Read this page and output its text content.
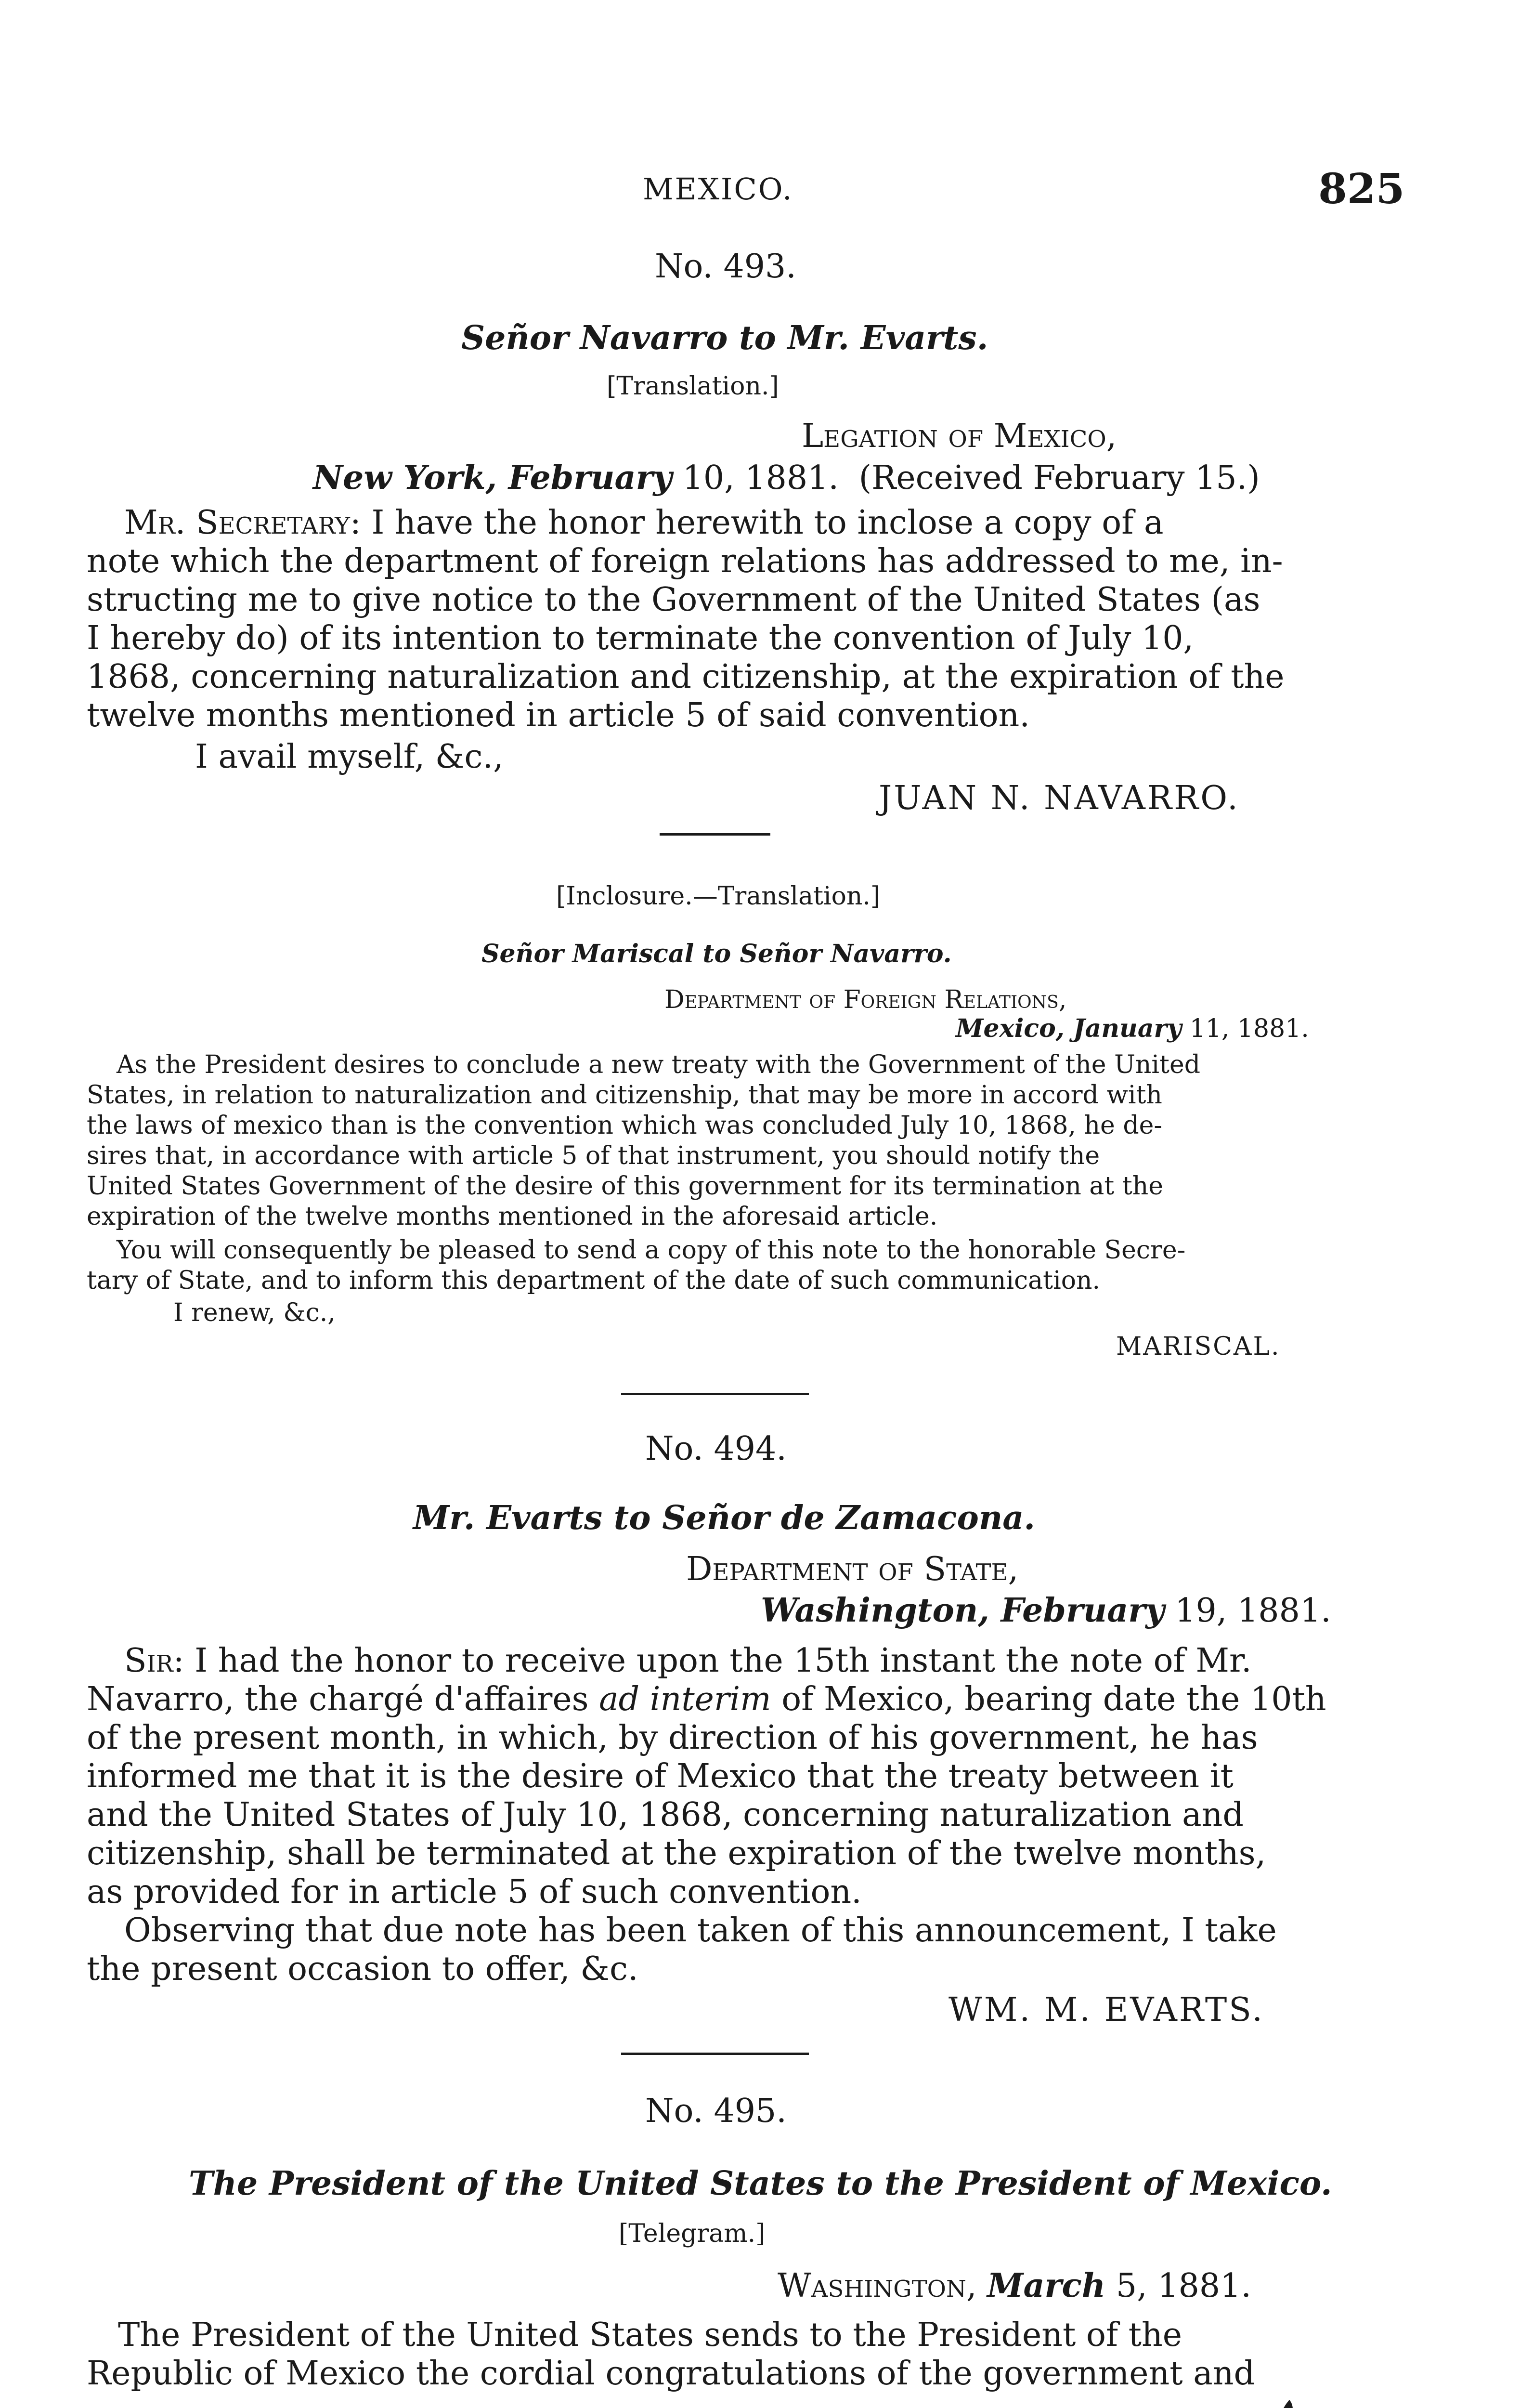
MEXICO.	825
No. 493.
Señor Navarro to Mr. Evarts.
[Translation.]
Legation of Mexico,
New York, February 10, 1881. (Received February 15.)
Mr. Secretary: I have the honor herewith to inclose a copy of a
note which the department of foreign relations has addressed to me, in-
structing me to give notice to the Government of the United States (as
I hereby do) of its intention to terminate the convention of July 10,
1868, concerning naturalization and citizenship, at the expiration of the
twelve months mentioned in article 5 of said convention.
I avail myself, &c.,
JUAN N. NAVARRO.
[Inclosure.—Translation.]
Señor Mariscal to Señor Navarro.
Department of Foreign Relations,
Mexico, January 11, 1881.
As the President desires to conclude a new treaty with the Government of the United
States, in relation to naturalization and citizenship, that may be more in accord with
the laws of mexico than is the convention which was concluded July 10, 1868, he de-
sires that, in accordance with article 5 of that instrument, you should notify the
United States Government of the desire of this government for its termination at the
expiration of the twelve months mentioned in the aforesaid article.
You will consequently be pleased to send a copy of this note to the honorable Secre-
tary of State, and to inform this department of the date of such communication.
I renew, &c.,
MARISCAL.
No. 494.
Mr. Evarts to Señor de Zamacona.
Department of State,
Washington, February 19, 1881.
Sir: I had the honor to receive upon the 15th instant the note of Mr.
Navarro, the chargé d'affaires ad interim of Mexico, bearing date the 10th
of the present month, in which, by direction of his government, he has
informed me that it is the desire of Mexico that the treaty between it
and the United States of July 10, 1868, concerning naturalization and
citizenship, shall be terminated at the expiration of the twelve months,
as provided for in article 5 of such convention.
Observing that due note has been taken of this announcement, I take
the present occasion to offer, &c.
WM. M. EVARTS.
No. 495.
The President of the United States to the President of Mexico.
[Telegram.]
Washington, March 5, 1881.
The President of the United States sends to the President of the
Republic of Mexico the cordial congratulations of the government and
